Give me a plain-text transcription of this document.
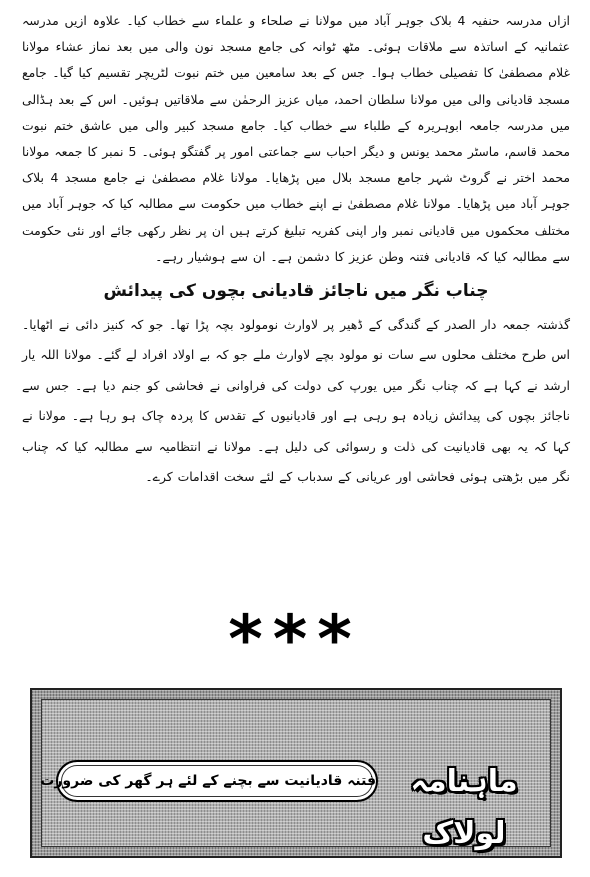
ازاں مدرسہ حنفیہ 4 بلاک جوہر آباد میں مولانا نے صلحاء و علماء سے خطاب کیا۔ علاوہ ازیں مدرسہ عثمانیہ کے اساتذہ سے ملاقات ہوئی۔ مٹھ ٹوانہ کی جامع مسجد نون والی میں بعد نماز عشاء مولانا غلام مصطفیٰ کا تفصیلی خطاب ہوا۔ جس کے بعد سامعین میں ختم نبوت لٹریچر تقسیم کیا گیا۔ جامع مسجد قادیانی والی میں مولانا سلطان احمد، میاں عزیز الرحمٰن سے ملاقاتیں ہوئیں۔ اس کے بعد ہڈالی میں مدرسہ جامعہ ابوہریرہ کے طلباء سے خطاب کیا۔ جامع مسجد کبیر والی میں عاشق ختم نبوت محمد قاسم، ماسٹر محمد یونس و دیگر احباب سے جماعتی امور پر گفتگو ہوئی۔ 5 نمبر کا جمعہ مولانا محمد اختر نے گروٹ شہر جامع مسجد بلال میں پڑھایا۔ مولانا غلام مصطفیٰ نے جامع مسجد 4 بلاک جوہر آباد میں پڑھایا۔ مولانا غلام مصطفیٰ نے اپنے خطاب میں حکومت سے مطالبہ کیا کہ جوہر آباد میں مختلف محکموں میں قادیانی نمبر وار اپنی کفریہ تبلیغ کرتے ہیں ان پر نظر رکھی جائے اور نئی حکومت سے مطالبہ کیا کہ قادیانی فتنہ وطن عزیز کا دشمن ہے۔ ان سے ہوشیار رہے۔

چناب نگر میں ناجائز قادیانی بچوں کی پیدائش

گذشتہ جمعہ دار الصدر کے گندگی کے ڈھیر پر لاوارث نومولود بچہ پڑا تھا۔ جو کہ کنیز دائی نے اٹھایا۔ اس طرح مختلف محلوں سے سات نو مولود بچے لاوارث ملے جو کہ بے اولاد افراد لے گئے۔ مولانا اللہ یار ارشد نے کہا ہے کہ چناب نگر میں یورپ کی دولت کی فراوانی نے فحاشی کو جنم دیا ہے۔ جس سے ناجائز بچوں کی پیدائش زیادہ ہو رہی ہے اور قادیانیوں کے تقدس کا پردہ چاک ہو رہا ہے۔ مولانا نے کہا کہ یہ بھی قادیانیت کی ذلت و رسوائی کی دلیل ہے۔ مولانا نے انتظامیہ سے مطالبہ کیا کہ چناب نگر میں بڑھتی ہوئی فحاشی اور عریانی کے سدباب کے لئے سخت اقدامات کرے۔

***
ماہنامہ لولاک
فتنہ قادیانیت سے بچنے کے لئے ہر گھر کی ضرورت
